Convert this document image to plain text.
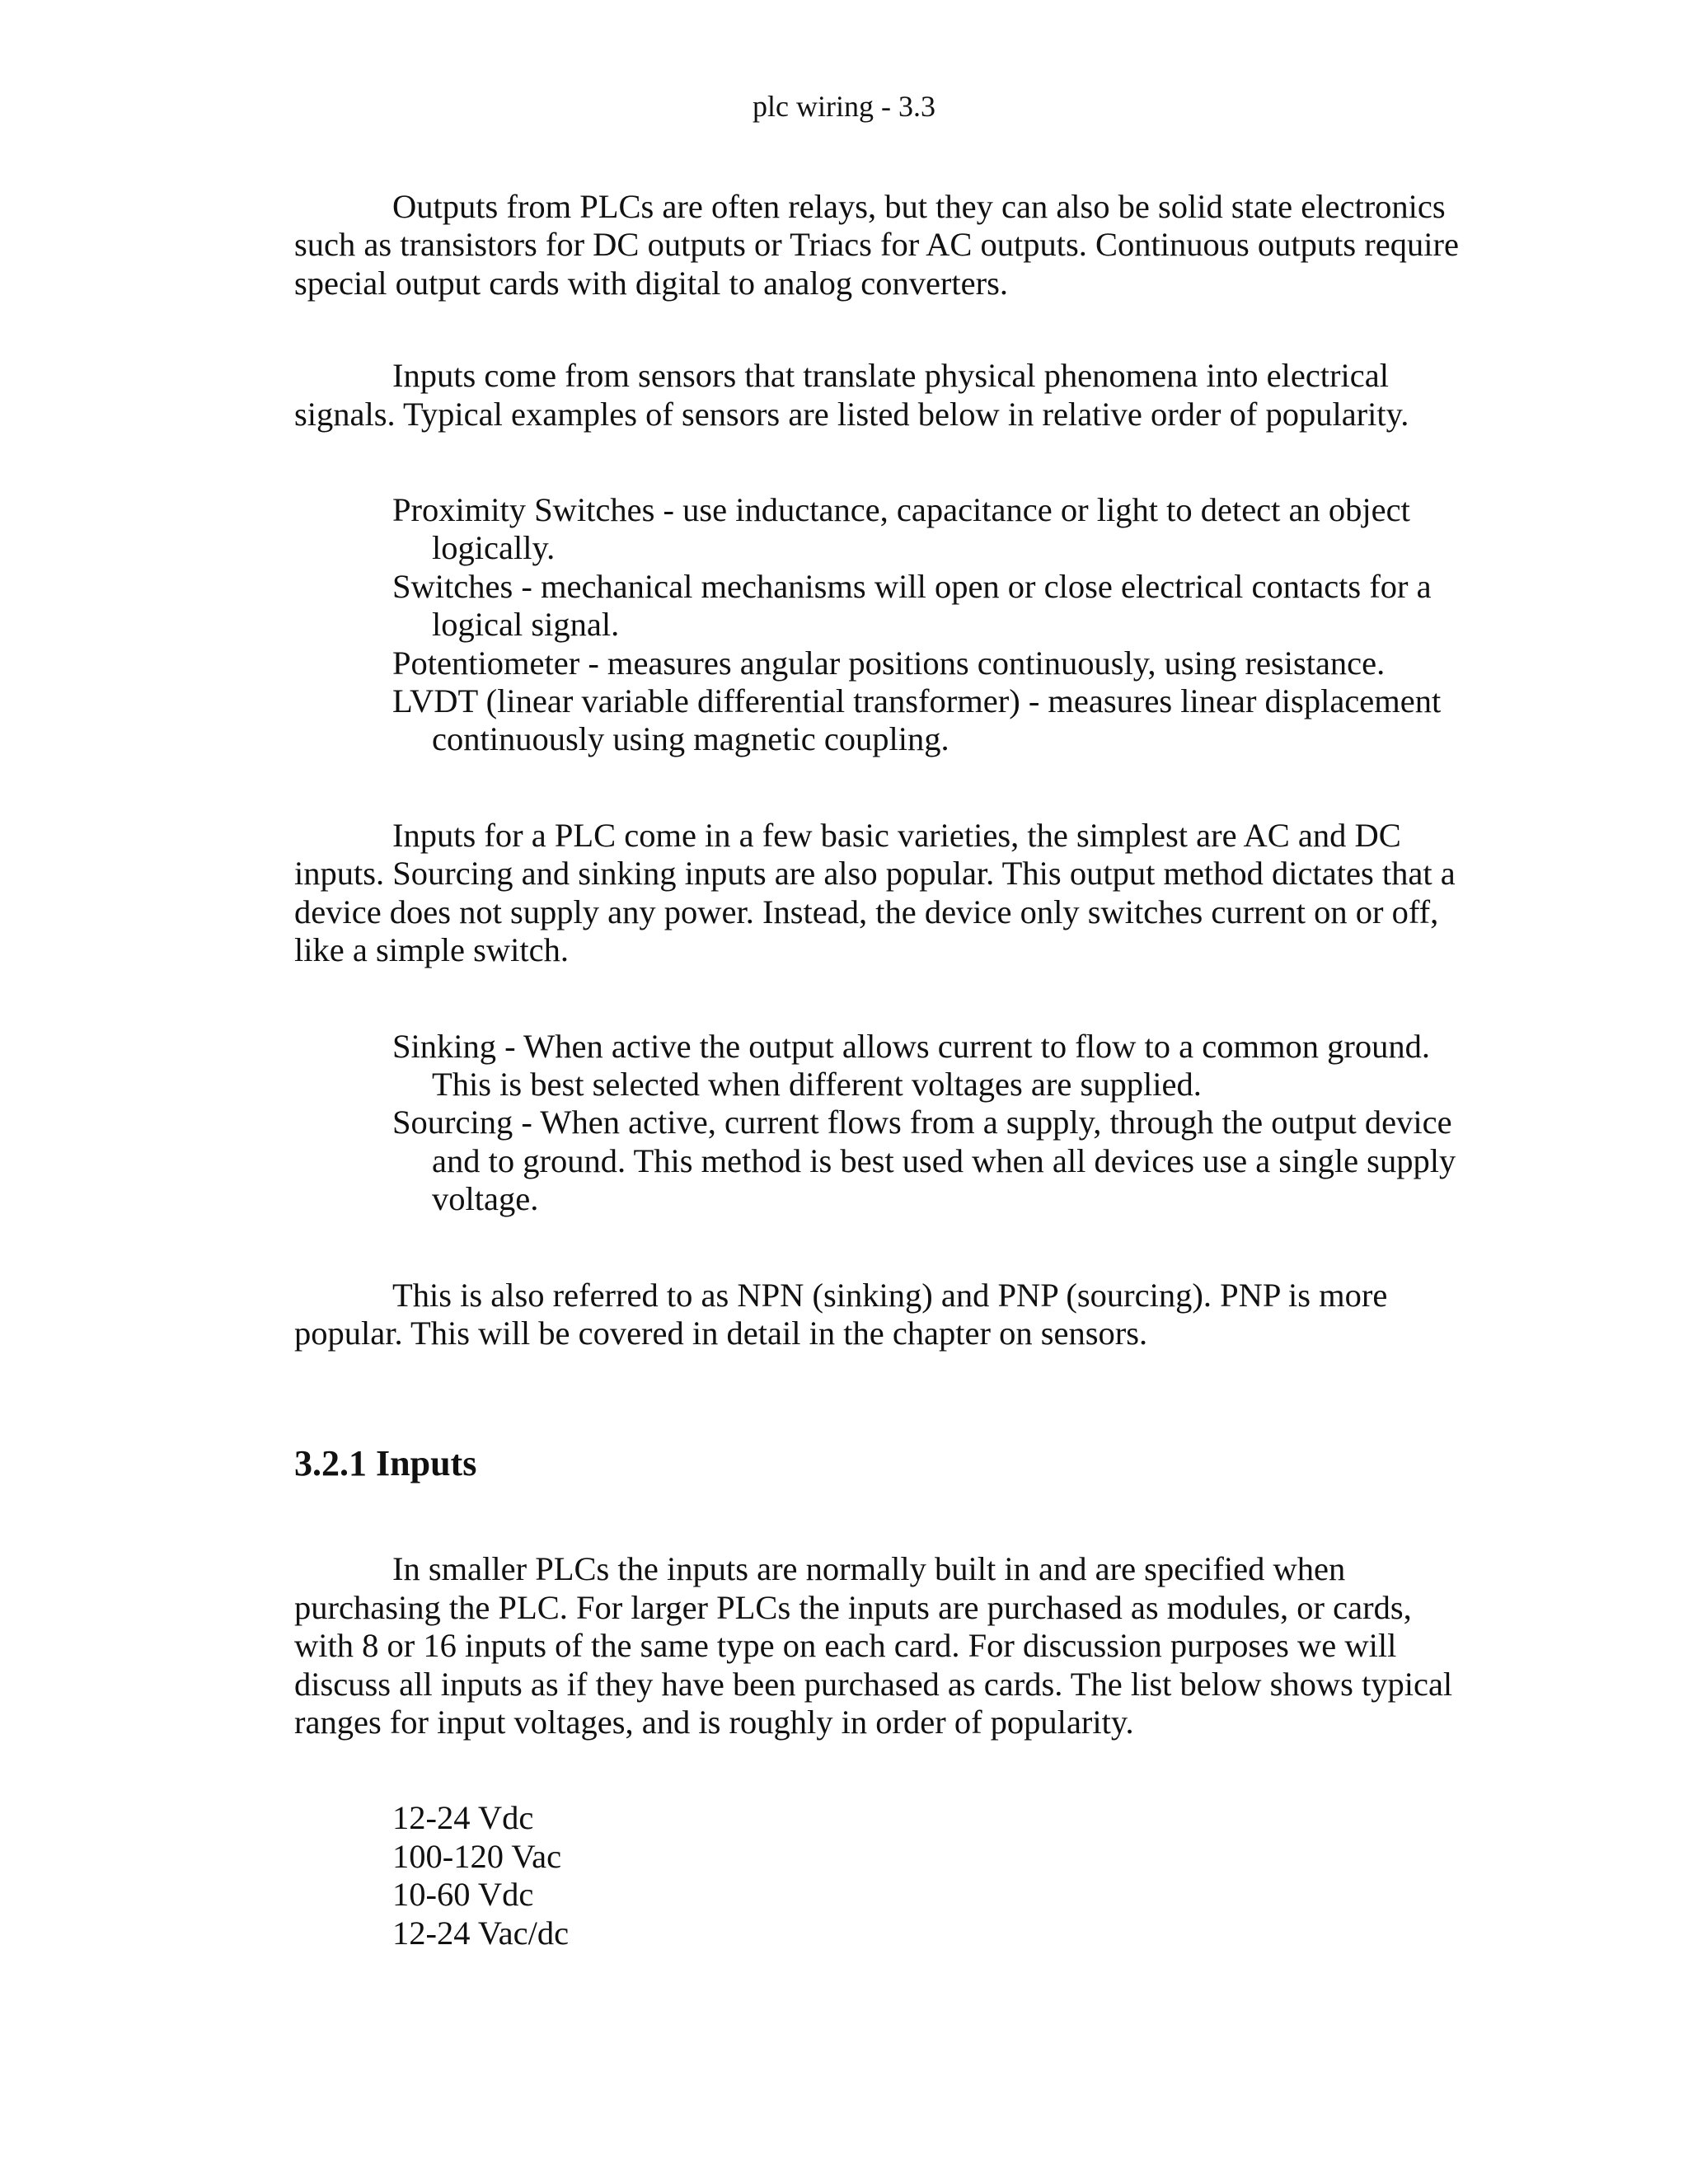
plc wiring - 3.3

Outputs from PLCs are often relays, but they can also be solid state electronics such as transistors for DC outputs or Triacs for AC outputs. Continuous outputs require special output cards with digital to analog converters.

Inputs come from sensors that translate physical phenomena into electrical signals. Typical examples of sensors are listed below in relative order of popularity.

Proximity Switches - use inductance, capacitance or light to detect an object logically.
Switches - mechanical mechanisms will open or close electrical contacts for a logical signal.
Potentiometer - measures angular positions continuously, using resistance.
LVDT (linear variable differential transformer) - measures linear displacement continuously using magnetic coupling.

Inputs for a PLC come in a few basic varieties, the simplest are AC and DC inputs. Sourcing and sinking inputs are also popular. This output method dictates that a device does not supply any power. Instead, the device only switches current on or off, like a simple switch.

Sinking - When active the output allows current to flow to a common ground. This is best selected when different voltages are supplied.
Sourcing - When active, current flows from a supply, through the output device and to ground. This method is best used when all devices use a single supply voltage.

This is also referred to as NPN (sinking) and PNP (sourcing). PNP is more popular. This will be covered in detail in the chapter on sensors.

3.2.1 Inputs

In smaller PLCs the inputs are normally built in and are specified when purchasing the PLC. For larger PLCs the inputs are purchased as modules, or cards, with 8 or 16 inputs of the same type on each card. For discussion purposes we will discuss all inputs as if they have been purchased as cards. The list below shows typical ranges for input voltages, and is roughly in order of popularity.

12-24 Vdc
100-120 Vac
10-60 Vdc
12-24 Vac/dc
